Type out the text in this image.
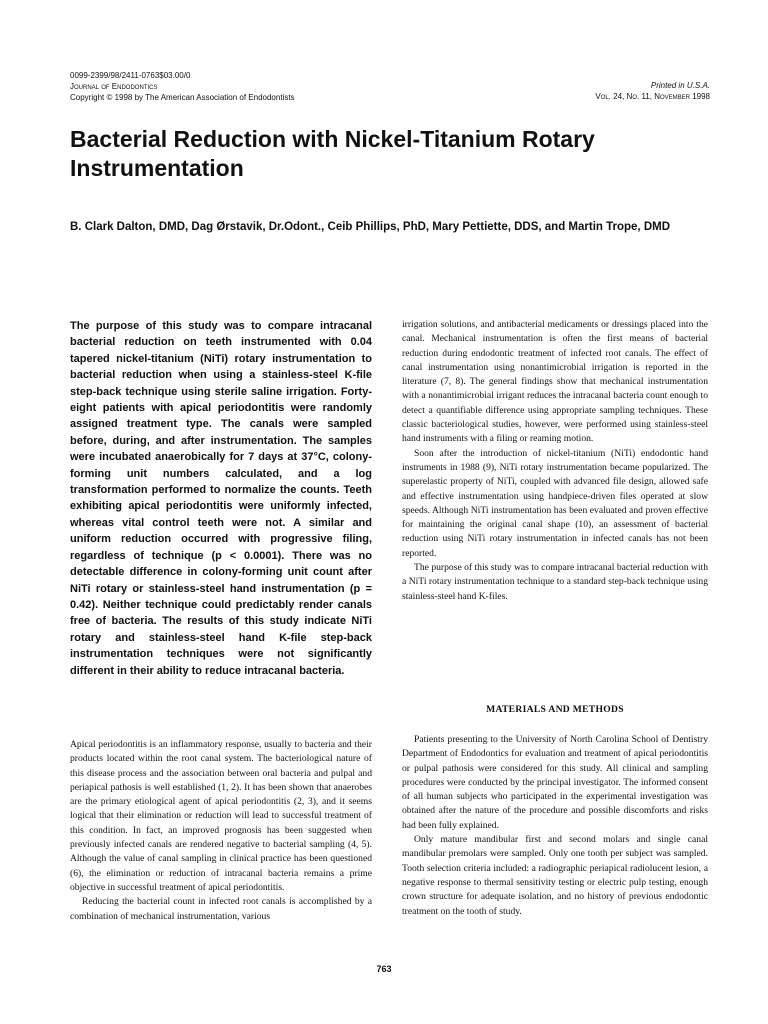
0099-2399/98/2411-0763$03.00/0
Journal of Endodontics
Copyright © 1998 by The American Association of Endodontists
Printed in U.S.A.
Vol. 24, No. 11, November 1998
Bacterial Reduction with Nickel-Titanium Rotary Instrumentation
B. Clark Dalton, DMD, Dag Ørstavik, Dr.Odont., Ceib Phillips, PhD, Mary Pettiette, DDS, and Martin Trope, DMD
The purpose of this study was to compare intracanal bacterial reduction on teeth instrumented with 0.04 tapered nickel-titanium (NiTi) rotary instrumentation to bacterial reduction when using a stainless-steel K-file step-back technique using sterile saline irrigation. Forty-eight patients with apical periodontitis were randomly assigned treatment type. The canals were sampled before, during, and after instrumentation. The samples were incubated anaerobically for 7 days at 37°C, colony-forming unit numbers calculated, and a log transformation performed to normalize the counts. Teeth exhibiting apical periodontitis were uniformly infected, whereas vital control teeth were not. A similar and uniform reduction occurred with progressive filing, regardless of technique (p < 0.0001). There was no detectable difference in colony-forming unit count after NiTi rotary or stainless-steel hand instrumentation (p = 0.42). Neither technique could predictably render canals free of bacteria. The results of this study indicate NiTi rotary and stainless-steel hand K-file step-back instrumentation techniques were not significantly different in their ability to reduce intracanal bacteria.

Apical periodontitis is an inflammatory response, usually to bacteria and their products located within the root canal system. The bacteriological nature of this disease process and the association between oral bacteria and pulpal and periapical pathosis is well established (1, 2). It has been shown that anaerobes are the primary etiological agent of apical periodontitis (2, 3), and it seems logical that their elimination or reduction will lead to successful treatment of this condition. In fact, an improved prognosis has been suggested when previously infected canals are rendered negative to bacterial sampling (4, 5). Although the value of canal sampling in clinical practice has been questioned (6), the elimination or reduction of intracanal bacteria remains a prime objective in successful treatment of apical periodontitis.

Reducing the bacterial count in infected root canals is accomplished by a combination of mechanical instrumentation, various

irrigation solutions, and antibacterial medicaments or dressings placed into the canal. Mechanical instrumentation is often the first means of bacterial reduction during endodontic treatment of infected root canals. The effect of canal instrumentation using nonantimicrobial irrigation is reported in the literature (7, 8). The general findings show that mechanical instrumentation with a nonantimicrobial irrigant reduces the intracanal bacteria count enough to detect a quantifiable difference using appropriate sampling techniques. These classic bacteriological studies, however, were performed using stainless-steel hand instruments with a filing or reaming motion.

Soon after the introduction of nickel-titanium (NiTi) endodontic hand instruments in 1988 (9), NiTi rotary instrumentation became popularized. The superelastic property of NiTi, coupled with advanced file design, allowed safe and effective instrumentation using handpiece-driven files operated at slow speeds. Although NiTi instrumentation has been evaluated and proven effective for maintaining the original canal shape (10), an assessment of bacterial reduction using NiTi rotary instrumentation in infected canals has not been reported.

The purpose of this study was to compare intracanal bacterial reduction with a NiTi rotary instrumentation technique to a standard step-back technique using stainless-steel hand K-files.

MATERIALS AND METHODS

Patients presenting to the University of North Carolina School of Dentistry Department of Endodontics for evaluation and treatment of apical periodontitis or pulpal pathosis were considered for this study. All clinical and sampling procedures were conducted by the principal investigator. The informed consent of all human subjects who participated in the experimental investigation was obtained after the nature of the procedure and possible discomforts and risks had been fully explained.

Only mature mandibular first and second molars and single canal mandibular premolars were sampled. Only one tooth per subject was sampled. Tooth selection criteria included: a radiographic periapical radiolucent lesion, a negative response to thermal sensitivity testing or electric pulp testing, enough crown structure for adequate isolation, and no history of previous endodontic treatment on the tooth of study.

763
